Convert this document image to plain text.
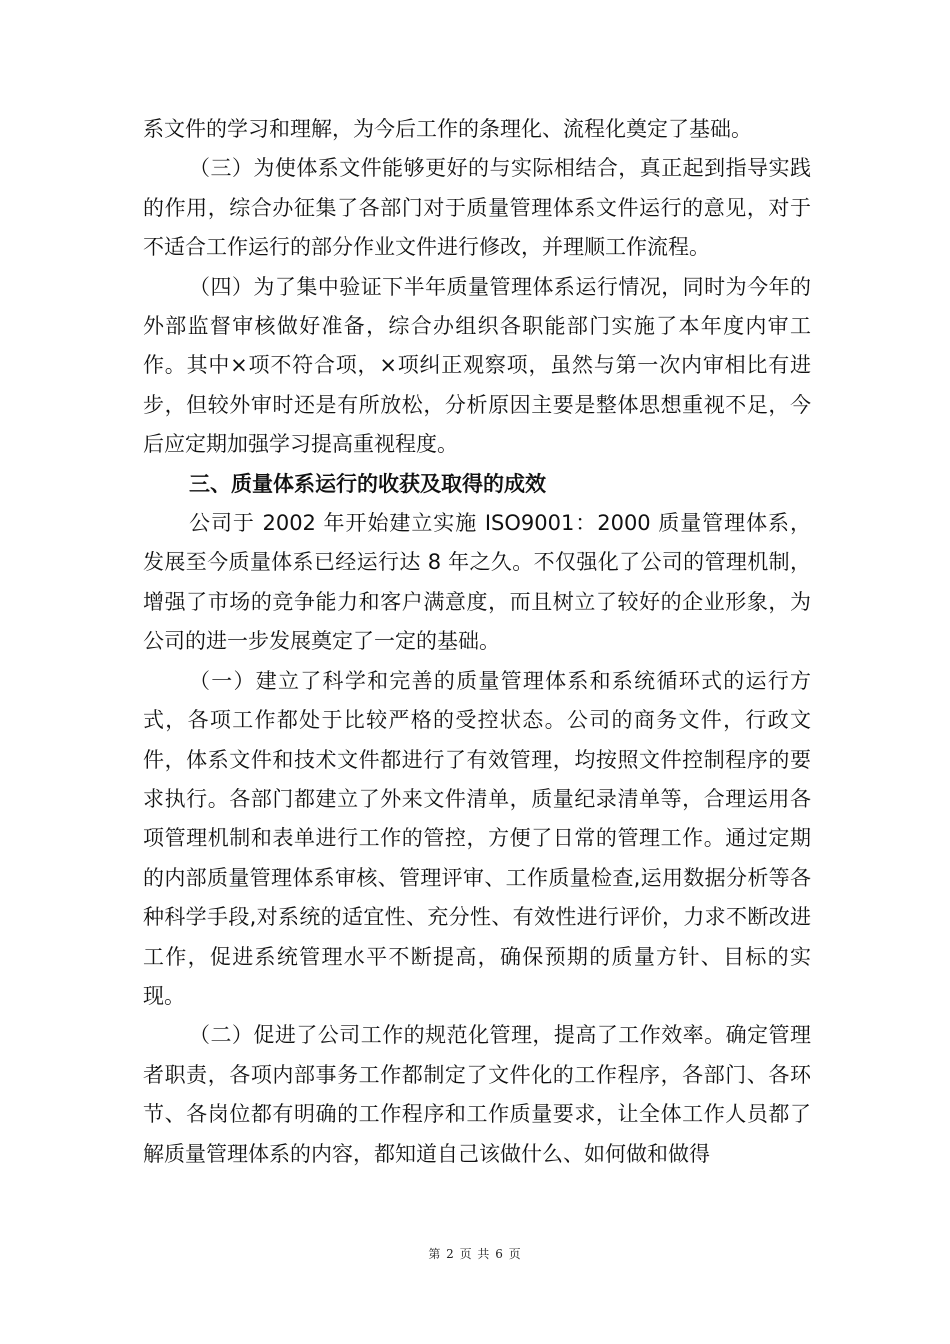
系文件的学习和理解，为今后工作的条理化、流程化奠定了基础。

（三）为使体系文件能够更好的与实际相结合，真正起到指导实践的作用，综合办征集了各部门对于质量管理体系文件运行的意见，对于不适合工作运行的部分作业文件进行修改，并理顺工作流程。

（四）为了集中验证下半年质量管理体系运行情况，同时为今年的外部监督审核做好准备，综合办组织各职能部门实施了本年度内审工作。其中×项不符合项，×项纠正观察项，虽然与第一次内审相比有进步，但较外审时还是有所放松，分析原因主要是整体思想重视不足，今后应定期加强学习提高重视程度。

三、质量体系运行的收获及取得的成效

公司于 2002 年开始建立实施 ISO9001：2000 质量管理体系，发展至今质量体系已经运行达 8 年之久。不仅强化了公司的管理机制，增强了市场的竞争能力和客户满意度，而且树立了较好的企业形象，为公司的进一步发展奠定了一定的基础。

（一）建立了科学和完善的质量管理体系和系统循环式的运行方式，各项工作都处于比较严格的受控状态。公司的商务文件，行政文件，体系文件和技术文件都进行了有效管理，均按照文件控制程序的要求执行。各部门都建立了外来文件清单，质量纪录清单等，合理运用各项管理机制和表单进行工作的管控，方便了日常的管理工作。通过定期的内部质量管理体系审核、管理评审、工作质量检查,运用数据分析等各种科学手段,对系统的适宜性、充分性、有效性进行评价，力求不断改进工作，促进系统管理水平不断提高，确保预期的质量方针、目标的实现。

（二）促进了公司工作的规范化管理，提高了工作效率。确定管理者职责，各项内部事务工作都制定了文件化的工作程序，各部门、各环节、各岗位都有明确的工作程序和工作质量要求，让全体工作人员都了解质量管理体系的内容，都知道自己该做什么、如何做和做得

第 2 页 共 6 页
